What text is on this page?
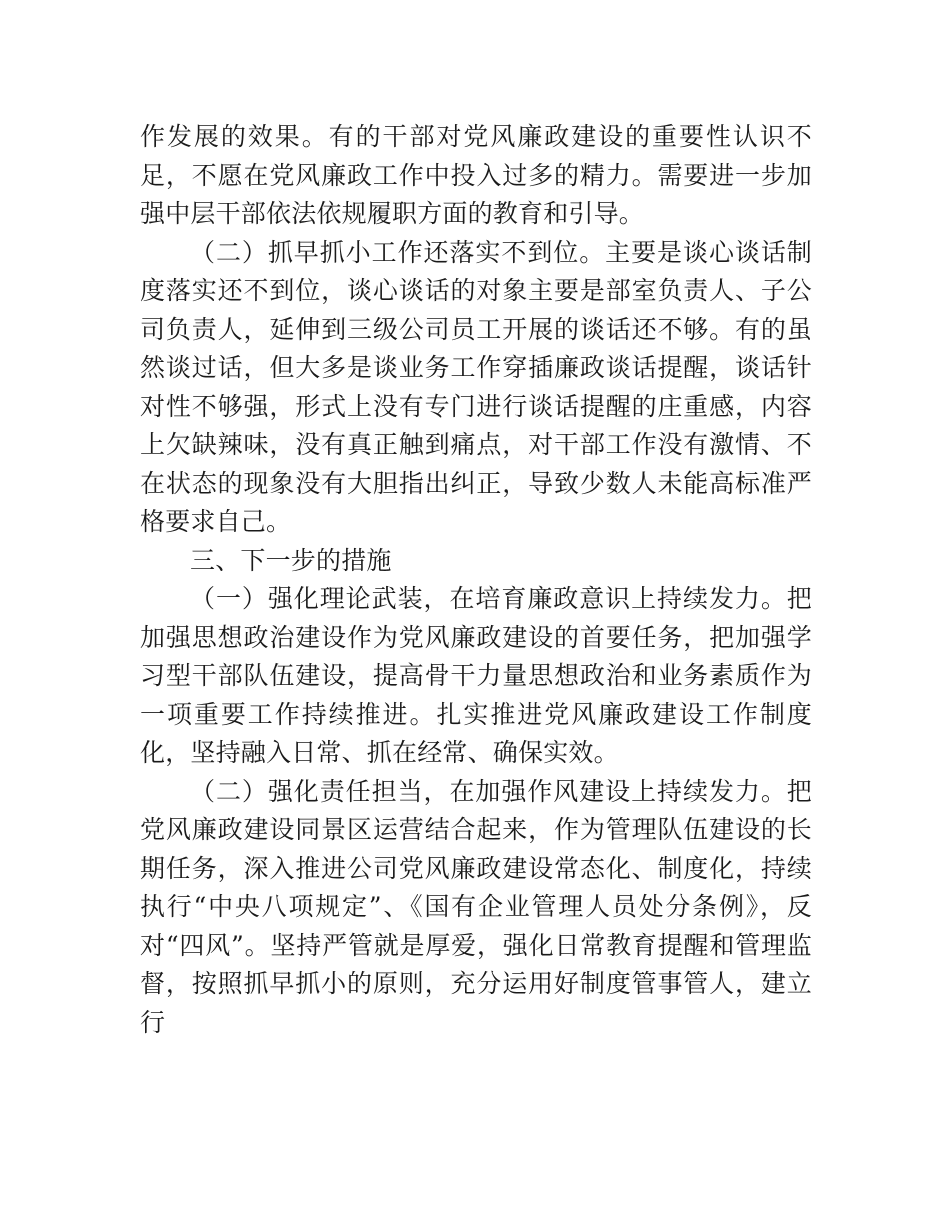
作发展的效果。有的干部对党风廉政建设的重要性认识不足，不愿在党风廉政工作中投入过多的精力。需要进一步加强中层干部依法依规履职方面的教育和引导。

（二）抓早抓小工作还落实不到位。主要是谈心谈话制度落实还不到位，谈心谈话的对象主要是部室负责人、子公司负责人，延伸到三级公司员工开展的谈话还不够。有的虽然谈过话，但大多是谈业务工作穿插廉政谈话提醒，谈话针对性不够强，形式上没有专门进行谈话提醒的庄重感，内容上欠缺辣味，没有真正触到痛点，对干部工作没有激情、不在状态的现象没有大胆指出纠正，导致少数人未能高标准严格要求自己。

三、下一步的措施

（一）强化理论武装，在培育廉政意识上持续发力。把加强思想政治建设作为党风廉政建设的首要任务，把加强学习型干部队伍建设，提高骨干力量思想政治和业务素质作为一项重要工作持续推进。扎实推进党风廉政建设工作制度化，坚持融入日常、抓在经常、确保实效。

（二）强化责任担当，在加强作风建设上持续发力。把党风廉政建设同景区运营结合起来，作为管理队伍建设的长期任务，深入推进公司党风廉政建设常态化、制度化，持续执行“中央八项规定”、《国有企业管理人员处分条例》，反对“四风”。坚持严管就是厚爱，强化日常教育提醒和管理监督，按照抓早抓小的原则，充分运用好制度管事管人，建立行
